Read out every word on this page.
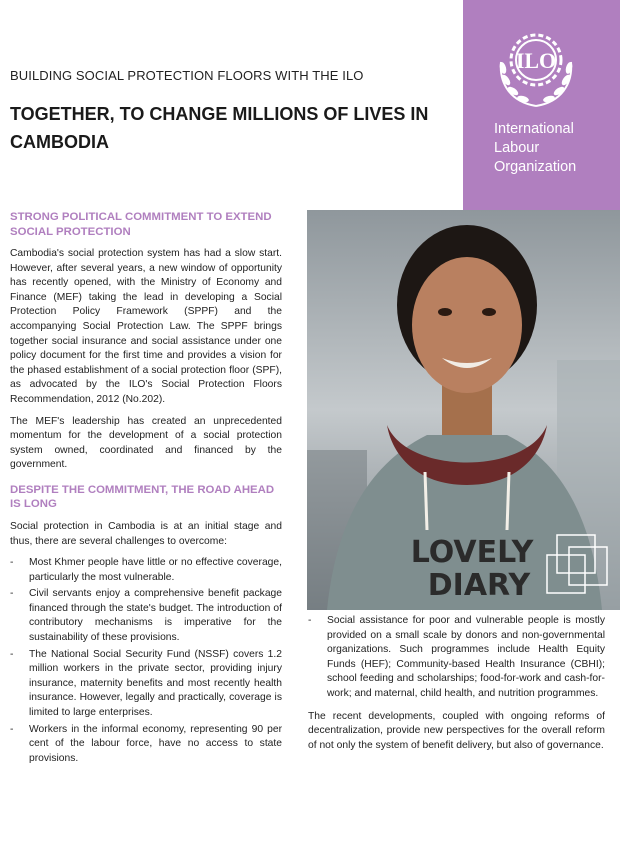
BUILDING SOCIAL PROTECTION FLOORS WITH THE ILO
TOGETHER, TO CHANGE MILLIONS OF LIVES IN CAMBODIA
ILO
International
Labour
Organization
STRONG POLITICAL COMMITMENT TO EXTEND SOCIAL PROTECTION

Cambodia's social protection system has had a slow start. However, after several years, a new window of opportunity has recently opened, with the Ministry of Economy and Finance (MEF) taking the lead in developing a Social Protection Policy Framework (SPPF) and the accompanying Social Protection Law. The SPPF brings together social insurance and social assistance under one policy document for the first time and provides a vision for the phased establishment of a social protection floor (SPF), as advocated by the ILO's Social Protection Floors Recommendation, 2012 (No.202).

The MEF's leadership has created an unprecedented momentum for the development of a social protection system owned, coordinated and financed by the government.

DESPITE THE COMMITMENT, THE ROAD AHEAD IS LONG

Social protection in Cambodia is at an initial stage and thus, there are several challenges to overcome:

- Most Khmer people have little or no effective coverage, particularly the most vulnerable.
- Civil servants enjoy a comprehensive benefit package financed through the state's budget. The introduction of contributory mechanisms is imperative for the sustainability of these provisions.
- The National Social Security Fund (NSSF) covers 1.2 million workers in the private sector, providing injury insurance, maternity benefits and most recently health insurance. However, legally and practically, coverage is limited to large enterprises.
- Workers in the informal economy, representing 90 per cent of the labour force, have no access to state provisions.
LOVELY
DIARY
- Social assistance for poor and vulnerable people is mostly provided on a small scale by donors and non-governmental organizations. Such programmes include Health Equity Funds (HEF); Community-based Health Insurance (CBHI); school feeding and scholarships; food-for-work and cash-for-work; and maternal, child health, and nutrition programmes.

The recent developments, coupled with ongoing reforms of decentralization, provide new perspectives for the overall reform of not only the system of benefit delivery, but also of governance.
